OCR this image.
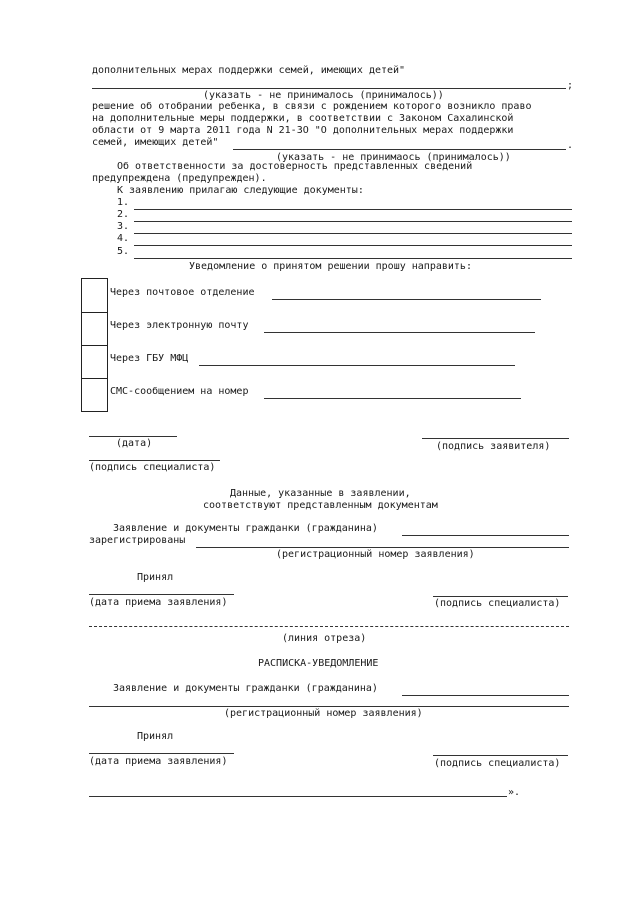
дополнительных мерах поддержки семей, имеющих детей"
;
(указать - не принималось (принималось))
решение об отобрании ребенка, в связи с рождением которого возникло право
на дополнительные меры поддержки, в соответствии с Законом Сахалинской
области от 9 марта 2011 года N 21-ЗО "О дополнительных мерах поддержки
семей, имеющих детей"	.
(указать - не принимаось (принималось))
Об ответственности за достоверность представленных сведений
предупреждена (предупрежден).
К заявлению прилагаю следующие документы:
1.
2.
3.
4.
5.
Уведомление о принятом решении прошу направить:
Через почтовое отделение
Через электронную почту
Через ГБУ МФЦ
СМС-сообщением на номер
(дата)	(подпись заявителя)
(подпись специалиста)
Данные, указанные в заявлении,
соответствуют представленным документам
Заявление и документы гражданки (гражданина)
зарегистрированы
(регистрационный номер заявления)
Принял
(дата приема заявления)	(подпись специалиста)
(линия отреза)
РАСПИСКА-УВЕДОМЛЕНИЕ
Заявление и документы гражданки (гражданина)
(регистрационный номер заявления)
Принял
(дата приема заявления)	(подпись специалиста)
».
